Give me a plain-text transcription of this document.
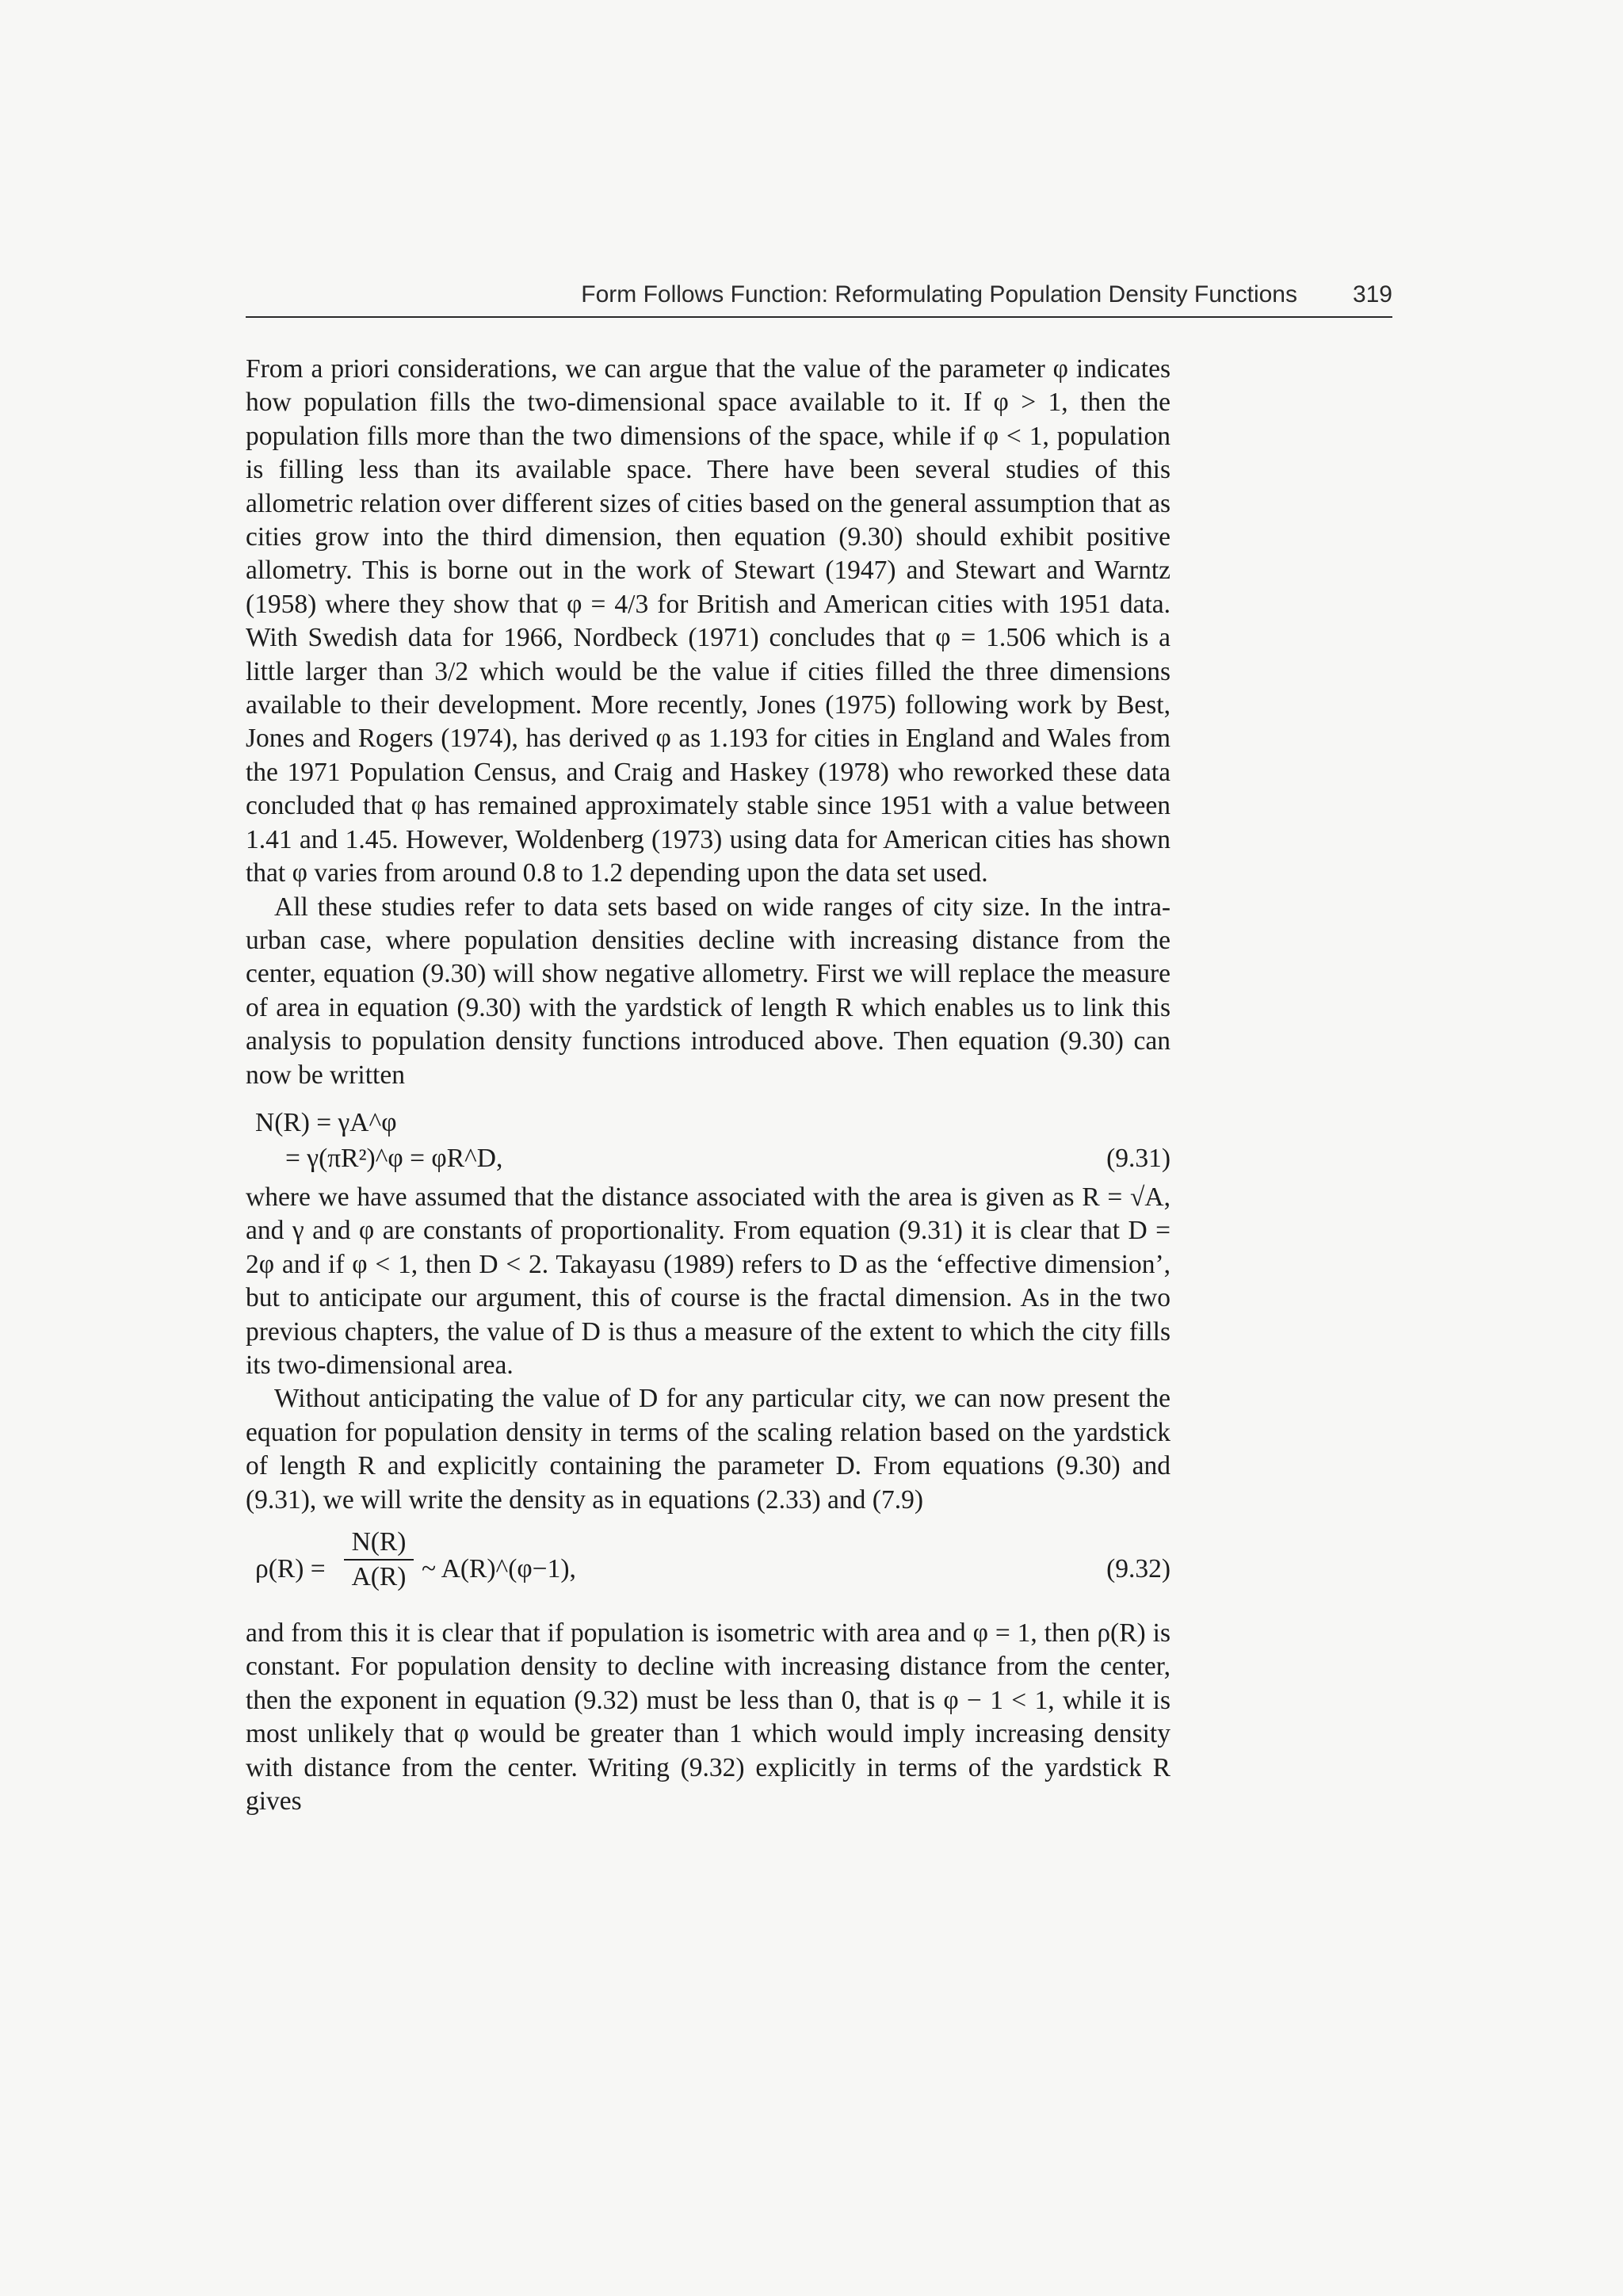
Form Follows Function: Reformulating Population Density Functions 319

From a priori considerations, we can argue that the value of the parameter φ indicates how population fills the two-dimensional space available to it. If φ > 1, then the population fills more than the two dimensions of the space, while if φ < 1, population is filling less than its available space. There have been several studies of this allometric relation over different sizes of cities based on the general assumption that as cities grow into the third dimension, then equation (9.30) should exhibit positive allometry. This is borne out in the work of Stewart (1947) and Stewart and Warntz (1958) where they show that φ = 4/3 for British and American cities with 1951 data. With Swedish data for 1966, Nordbeck (1971) concludes that φ = 1.506 which is a little larger than 3/2 which would be the value if cities filled the three dimensions available to their development. More recently, Jones (1975) following work by Best, Jones and Rogers (1974), has derived φ as 1.193 for cities in England and Wales from the 1971 Population Census, and Craig and Haskey (1978) who reworked these data concluded that φ has remained approximately stable since 1951 with a value between 1.41 and 1.45. However, Woldenberg (1973) using data for American cities has shown that φ varies from around 0.8 to 1.2 depending upon the data set used.

All these studies refer to data sets based on wide ranges of city size. In the intra-urban case, where population densities decline with increasing distance from the center, equation (9.30) will show negative allometry. First we will replace the measure of area in equation (9.30) with the yardstick of length R which enables us to link this analysis to population density functions introduced above. Then equation (9.30) can now be written

N(R) = γA^φ
= γ(πR²)^φ = φR^D,	(9.31)

where we have assumed that the distance associated with the area is given as R = √A, and γ and φ are constants of proportionality. From equation (9.31) it is clear that D = 2φ and if φ < 1, then D < 2. Takayasu (1989) refers to D as the ‘effective dimension’, but to anticipate our argument, this of course is the fractal dimension. As in the two previous chapters, the value of D is thus a measure of the extent to which the city fills its two-dimensional area.

Without anticipating the value of D for any particular city, we can now present the equation for population density in terms of the scaling relation based on the yardstick of length R and explicitly containing the parameter D. From equations (9.30) and (9.31), we will write the density as in equations (2.33) and (7.9)

ρ(R) =
N(R)
A(R) ~ A(R)^(φ−1),	(9.32)

and from this it is clear that if population is isometric with area and φ = 1, then ρ(R) is constant. For population density to decline with increasing distance from the center, then the exponent in equation (9.32) must be less than 0, that is φ − 1 < 1, while it is most unlikely that φ would be greater than 1 which would imply increasing density with distance from the center. Writing (9.32) explicitly in terms of the yardstick R gives
